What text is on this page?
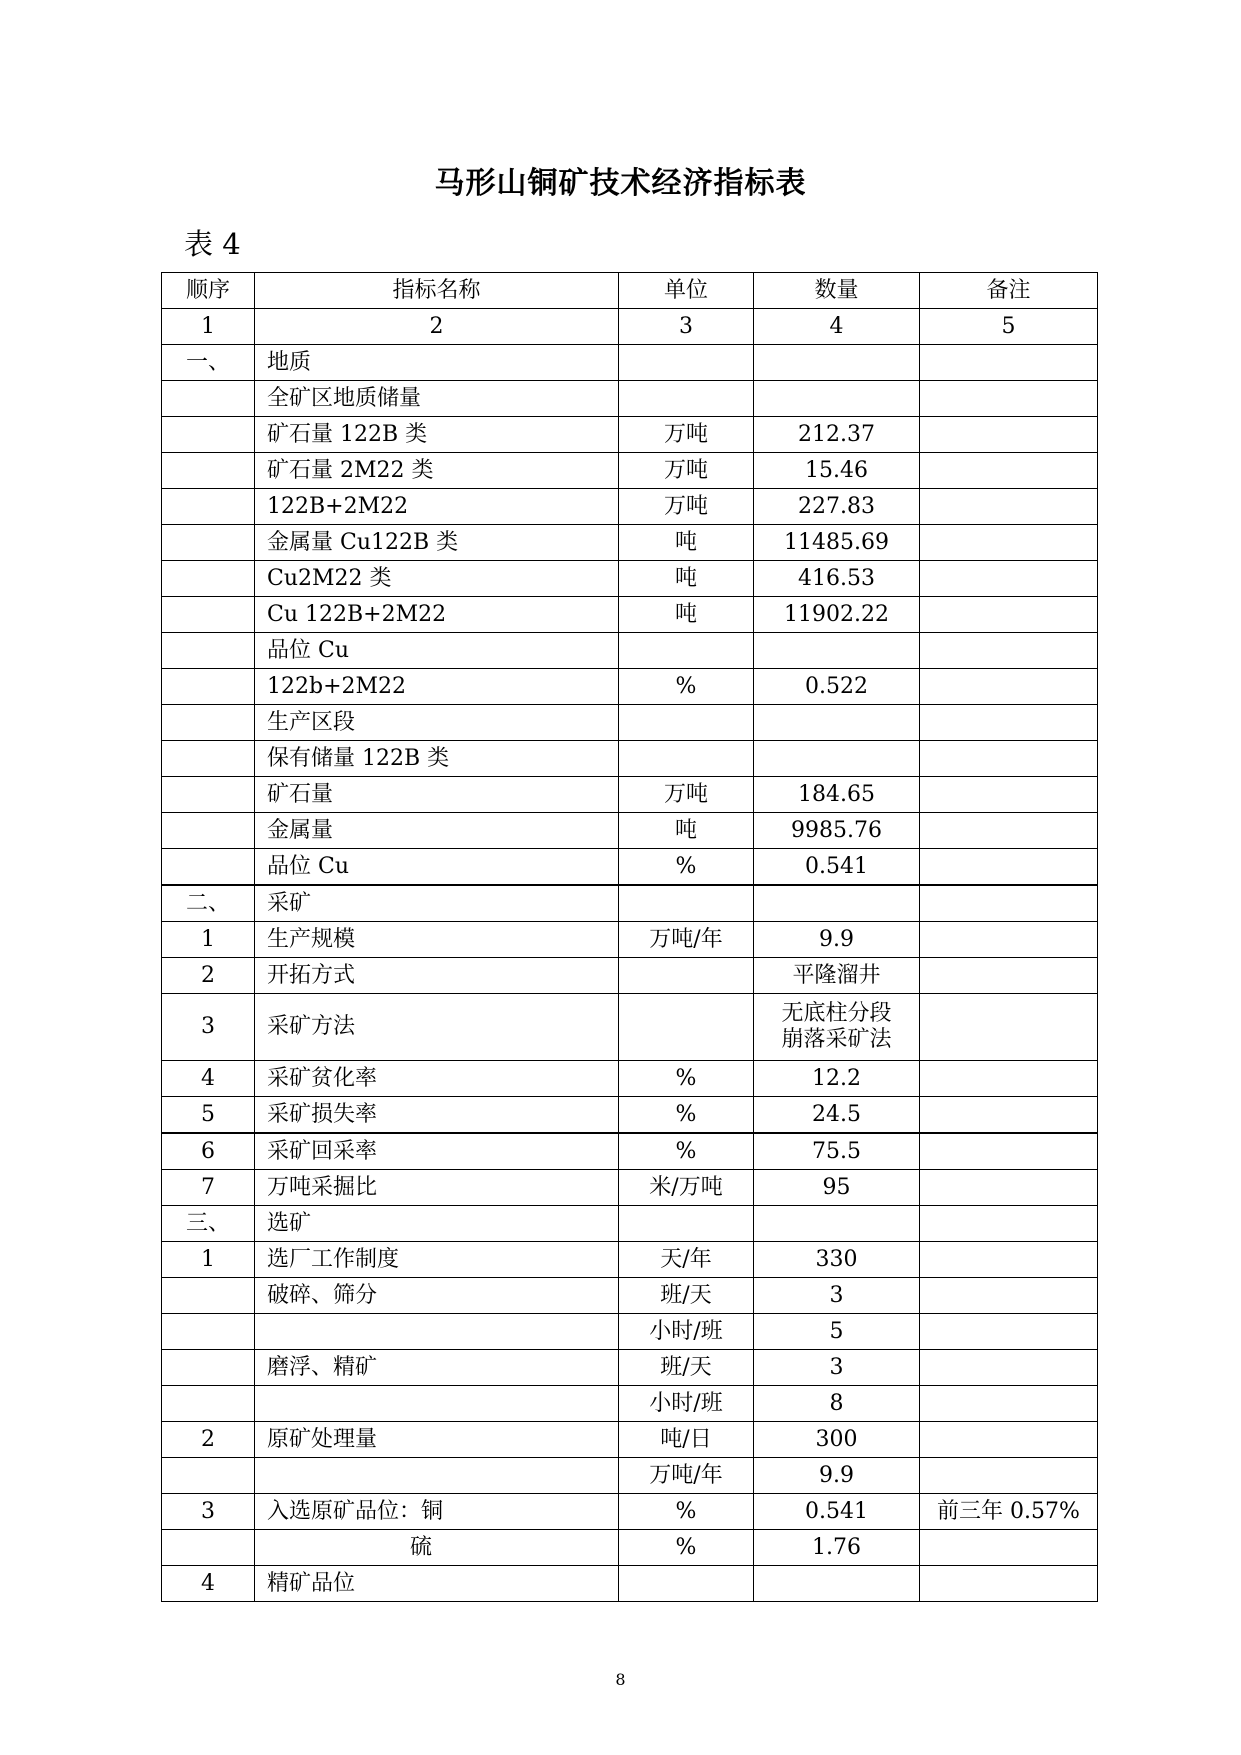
马形山铜矿技术经济指标表
表 4
顺序	指标名称	单位	数量	备注
1	2	3	4	5
一、	地质			
	全矿区地质储量			
	矿石量 122B 类	万吨	212.37	
	矿石量 2M22 类	万吨	15.46	
	122B+2M22	万吨	227.83	
	金属量 Cu122B 类	吨	11485.69	
	Cu2M22 类	吨	416.53	
	Cu 122B+2M22	吨	11902.22	
	品位 Cu			
	122b+2M22	%	0.522	
	生产区段			
	保有储量 122B 类			
	矿石量	万吨	184.65	
	金属量	吨	9985.76	
	品位 Cu	%	0.541	
二、	采矿			
1	生产规模	万吨/年	9.9	
2	开拓方式		平隆溜井	
3	采矿方法		无底柱分段
崩落采矿法	

4	采矿贫化率	%	12.2	
5	采矿损失率	%	24.5	
6	采矿回采率	%	75.5	
7	万吨采掘比	米/万吨	95	
三、	选矿			
1	选厂工作制度	天/年	330	
	破碎、筛分	班/天	3	
		小时/班	5	
	磨浮、精矿	班/天	3	
		小时/班	8	
2	原矿处理量	吨/日	300	
		万吨/年	9.9	
3	入选原矿品位：铜	%	0.541	前三年 0.57%
	硫	%	1.76	
4	精矿品位			
8
